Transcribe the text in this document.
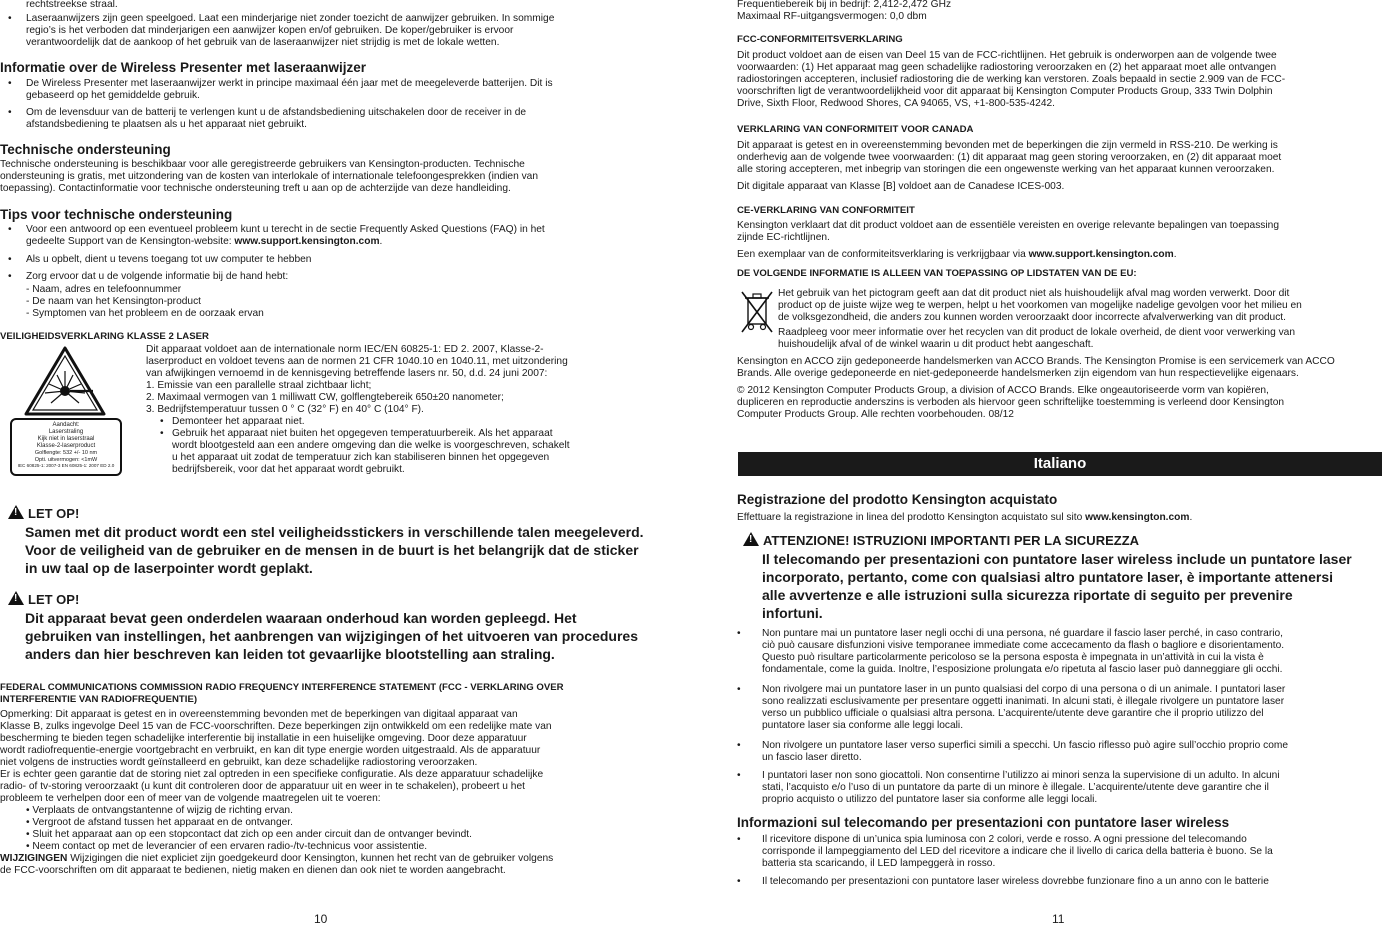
rechtstreekse straal.
• Laseraanwijzers zijn geen speelgoed. Laat een minderjarige niet zonder toezicht de aanwijzer gebruiken. In sommige
regio’s is het verboden dat minderjarigen een aanwijzer kopen en/of gebruiken. De koper/gebruiker is ervoor
verantwoordelijk dat de aankoop of het gebruik van de laseraanwijzer niet strijdig is met de lokale wetten.
Informatie over de Wireless Presenter met laseraanwijzer
• De Wireless Presenter met laseraanwijzer werkt in principe maximaal één jaar met de meegeleverde batterijen. Dit is
gebaseerd op het gemiddelde gebruik.
• Om de levensduur van de batterij te verlengen kunt u de afstandsbediening uitschakelen door de receiver in de
afstandsbediening te plaatsen als u het apparaat niet gebruikt.
Technische ondersteuning
Technische ondersteuning is beschikbaar voor alle geregistreerde gebruikers van Kensington-producten. Technische
ondersteuning is gratis, met uitzondering van de kosten van interlokale of internationale telefoongesprekken (indien van
toepassing). Contactinformatie voor technische ondersteuning treft u aan op de achterzijde van deze handleiding.
Tips voor technische ondersteuning
• Voor een antwoord op een eventueel probleem kunt u terecht in de sectie Frequently Asked Questions (FAQ) in het
gedeelte Support van de Kensington-website: www.support.kensington.com.
• Als u opbelt, dient u tevens toegang tot uw computer te hebben
• Zorg ervoor dat u de volgende informatie bij de hand hebt:
- Naam, adres en telefoonnummer
- De naam van het Kensington-product
- Symptomen van het probleem en de oorzaak ervan
VEILIGHEIDSVERKLARING KLASSE 2 LASER
Aandacht:
Laserstraling
Kijk niet in laserstraal
Klasse-2-laserproduct
Golflengte: 532 +/- 10 nm
Opti. uitvermogen: <1mW
IEC 60825-1: 2007-3 EN 60825-1: 2007 ED 2.0
Dit apparaat voldoet aan de internationale norm IEC/EN 60825-1: ED 2. 2007, Klasse-2-
laserproduct en voldoet tevens aan de normen 21 CFR 1040.10 en 1040.11, met uitzondering
van afwijkingen vernoemd in de kennisgeving betreffende lasers nr. 50, d.d. 24 juni 2007:
1. Emissie van een parallelle straal zichtbaar licht;
2. Maximaal vermogen van 1 milliwatt CW, golflengtebereik 650±20 nanometer;
3. Bedrijfstemperatuur tussen 0 ° C (32° F) en 40° C (104° F).
• Demonteer het apparaat niet.
• Gebruik het apparaat niet buiten het opgegeven temperatuurbereik. Als het apparaat
wordt blootgesteld aan een andere omgeving dan die welke is voorgeschreven, schakelt
u het apparaat uit zodat de temperatuur zich kan stabiliseren binnen het opgegeven
bedrijfsbereik, voor dat het apparaat wordt gebruikt.
!LET OP!
Samen met dit product wordt een stel veiligheidsstickers in verschillende talen meegeleverd.
Voor de veiligheid van de gebruiker en de mensen in de buurt is het belangrijk dat de sticker
in uw taal op de laserpointer wordt geplakt.
!LET OP!
Dit apparaat bevat geen onderdelen waaraan onderhoud kan worden gepleegd. Het
gebruiken van instellingen, het aanbrengen van wijzigingen of het uitvoeren van procedures
anders dan hier beschreven kan leiden tot gevaarlijke blootstelling aan straling.
FEDERAL COMMUNICATIONS COMMISSION RADIO FREQUENCY INTERFERENCE STATEMENT (FCC - VERKLARING OVER
INTERFERENTIE VAN RADIOFREQUENTIE)
Opmerking: Dit apparaat is getest en in overeenstemming bevonden met de beperkingen van digitaal apparaat van
Klasse B, zulks ingevolge Deel 15 van de FCC-voorschriften. Deze beperkingen zijn ontwikkeld om een redelijke mate van
bescherming te bieden tegen schadelijke interferentie bij installatie in een huiselijke omgeving. Door deze apparatuur
wordt radiofrequentie-energie voortgebracht en verbruikt, en kan dit type energie worden uitgestraald. Als de apparatuur
niet volgens de instructies wordt geïnstalleerd en gebruikt, kan deze schadelijke radiostoring veroorzaken.
Er is echter geen garantie dat de storing niet zal optreden in een specifieke configuratie. Als deze apparatuur schadelijke
radio- of tv-storing veroorzaakt (u kunt dit controleren door de apparatuur uit en weer in te schakelen), probeert u het
probleem te verhelpen door een of meer van de volgende maatregelen uit te voeren:
• Verplaats de ontvangstantenne of wijzig de richting ervan.
• Vergroot de afstand tussen het apparaat en de ontvanger.
• Sluit het apparaat aan op een stopcontact dat zich op een ander circuit dan de ontvanger bevindt.
• Neem contact op met de leverancier of een ervaren radio-/tv-technicus voor assistentie.
WIJZIGINGEN Wijzigingen die niet expliciet zijn goedgekeurd door Kensington, kunnen het recht van de gebruiker volgens
de FCC-voorschriften om dit apparaat te bedienen, nietig maken en dienen dan ook niet te worden aangebracht.
10
Frequentiebereik bij in bedrijf: 2,412-2,472 GHz
Maximaal RF-uitgangsvermogen: 0,0 dbm
FCC-CONFORMITEITSVERKLARING
Dit product voldoet aan de eisen van Deel 15 van de FCC-richtlijnen. Het gebruik is onderworpen aan de volgende twee
voorwaarden: (1) Het apparaat mag geen schadelijke radiostoring veroorzaken en (2) het apparaat moet alle ontvangen
radiostoringen accepteren, inclusief radiostoring die de werking kan verstoren. Zoals bepaald in sectie 2.909 van de FCC-
voorschriften ligt de verantwoordelijkheid voor dit apparaat bij Kensington Computer Products Group, 333 Twin Dolphin
Drive, Sixth Floor, Redwood Shores, CA 94065, VS, +1-800-535-4242.
VERKLARING VAN CONFORMITEIT VOOR CANADA
Dit apparaat is getest en in overeenstemming bevonden met de beperkingen die zijn vermeld in RSS-210. De werking is
onderhevig aan de volgende twee voorwaarden: (1) dit apparaat mag geen storing veroorzaken, en (2) dit apparaat moet
alle storing accepteren, met inbegrip van storingen die een ongewenste werking van het apparaat kunnen veroorzaken.
Dit digitale apparaat van Klasse [B] voldoet aan de Canadese ICES-003.
CE-VERKLARING VAN CONFORMITEIT
Kensington verklaart dat dit product voldoet aan de essentiële vereisten en overige relevante bepalingen van toepassing
zijnde EC-richtlijnen.
Een exemplaar van de conformiteitsverklaring is verkrijgbaar via www.support.kensington.com.
DE VOLGENDE INFORMATIE IS ALLEEN VAN TOEPASSING OP LIDSTATEN VAN DE EU:
Het gebruik van het pictogram geeft aan dat dit product niet als huishoudelijk afval mag worden verwerkt. Door dit
product op de juiste wijze weg te werpen, helpt u het voorkomen van mogelijke nadelige gevolgen voor het milieu en
de volksgezondheid, die anders zou kunnen worden veroorzaakt door incorrecte afvalverwerking van dit product.
Raadpleeg voor meer informatie over het recyclen van dit product de lokale overheid, de dient voor verwerking van
huishoudelijk afval of de winkel waarin u dit product hebt aangeschaft.
Kensington en ACCO zijn gedeponeerde handelsmerken van ACCO Brands. The Kensington Promise is een servicemerk van ACCO
Brands. Alle overige gedeponeerde en niet-gedeponeerde handelsmerken zijn eigendom van hun respectievelijke eigenaars.
© 2012 Kensington Computer Products Group, a division of ACCO Brands. Elke ongeautoriseerde vorm van kopiëren,
dupliceren en reproductie anderszins is verboden als hiervoor geen schriftelijke toestemming is verleend door Kensington
Computer Products Group. Alle rechten voorbehouden. 08/12
Registrazione del prodotto Kensington acquistato
Effettuare la registrazione in linea del prodotto Kensington acquistato sul sito www.kensington.com.
!ATTENZIONE! ISTRUZIONI IMPORTANTI PER LA SICUREZZA
Il telecomando per presentazioni con puntatore laser wireless include un puntatore laser
incorporato, pertanto, come con qualsiasi altro puntatore laser, è importante attenersi
alle avvertenze e alle istruzioni sulla sicurezza riportate di seguito per prevenire
infortuni.
• Non puntare mai un puntatore laser negli occhi di una persona, né guardare il fascio laser perché, in caso contrario,
ciò può causare disfunzioni visive temporanee immediate come accecamento da flash o bagliore e disorientamento.
Questo può risultare particolarmente pericoloso se la persona esposta è impegnata in un’attività in cui la vista è
fondamentale, come la guida. Inoltre, l’esposizione prolungata e/o ripetuta al fascio laser può danneggiare gli occhi.
• Non rivolgere mai un puntatore laser in un punto qualsiasi del corpo di una persona o di un animale. I puntatori laser
sono realizzati esclusivamente per presentare oggetti inanimati. In alcuni stati, è illegale rivolgere un puntatore laser
verso un pubblico ufficiale o qualsiasi altra persona. L’acquirente/utente deve garantire che il proprio utilizzo del
puntatore laser sia conforme alle leggi locali.
• Non rivolgere un puntatore laser verso superfici simili a specchi. Un fascio riflesso può agire sull’occhio proprio come
un fascio laser diretto.
• I puntatori laser non sono giocattoli. Non consentirne l’utilizzo ai minori senza la supervisione di un adulto. In alcuni
stati, l’acquisto e/o l’uso di un puntatore da parte di un minore è illegale. L’acquirente/utente deve garantire che il
proprio acquisto o utilizzo del puntatore laser sia conforme alle leggi locali.
Informazioni sul telecomando per presentazioni con puntatore laser wireless
• Il ricevitore dispone di un’unica spia luminosa con 2 colori, verde e rosso. A ogni pressione del telecomando
corrisponde il lampeggiamento del LED del ricevitore a indicare che il livello di carica della batteria è buono. Se la
batteria sta scaricando, il LED lampeggerà in rosso.
• Il telecomando per presentazioni con puntatore laser wireless dovrebbe funzionare fino a un anno con le batterie
11
Italiano
